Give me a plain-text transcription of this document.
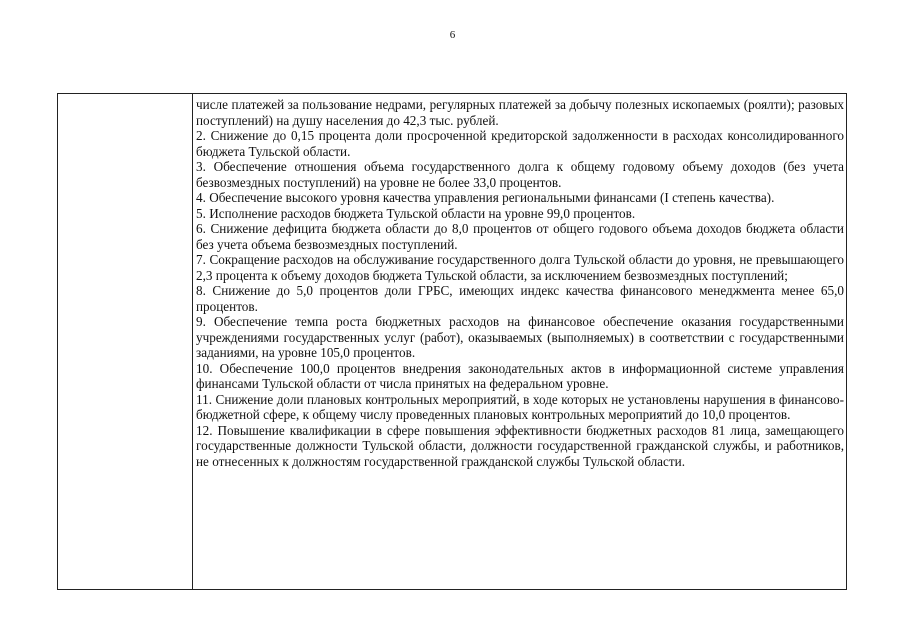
6

числе платежей за пользование недрами, регулярных платежей за добычу полезных ископаемых (роялти); разовых поступлений) на душу населения до 42,3 тыс. рублей.

2. Снижение до 0,15 процента доли просроченной кредиторской задолженности в расходах консолидированного бюджета Тульской области.

3. Обеспечение отношения объема государственного долга к общему годовому объему доходов (без учета безвозмездных поступлений) на уровне не более 33,0 процентов.

4. Обеспечение высокого уровня качества управления региональными финансами (I степень качества).

5. Исполнение расходов бюджета Тульской области на уровне 99,0 процентов.

6. Снижение дефицита бюджета области до 8,0 процентов от общего годового объема доходов бюджета области без учета объема безвозмездных поступлений.

7. Сокращение расходов на обслуживание государственного долга Тульской области до уровня, не превышающего 2,3 процента к объему доходов бюджета Тульской области, за исключением безвозмездных поступлений;

8. Снижение до 5,0 процентов доли ГРБС, имеющих индекс качества финансового менеджмента менее 65,0 процентов.

9. Обеспечение темпа роста бюджетных расходов на финансовое обеспечение оказания государственными учреждениями государственных услуг (работ), оказываемых (выполняемых) в соответствии с государственными заданиями, на уровне 105,0 процентов.

10. Обеспечение 100,0 процентов внедрения законодательных актов в информационной системе управления финансами Тульской области от числа принятых на федеральном уровне.

11. Снижение доли плановых контрольных мероприятий, в ходе которых не установлены нарушения в финансово-бюджетной сфере, к общему числу проведенных плановых контрольных мероприятий до 10,0 процентов.

12. Повышение квалификации в сфере повышения эффективности бюджетных расходов 81 лица, замещающего государственные должности Тульской области, должности государственной гражданской службы, и работников, не отнесенных к должностям государственной гражданской службы Тульской области.
